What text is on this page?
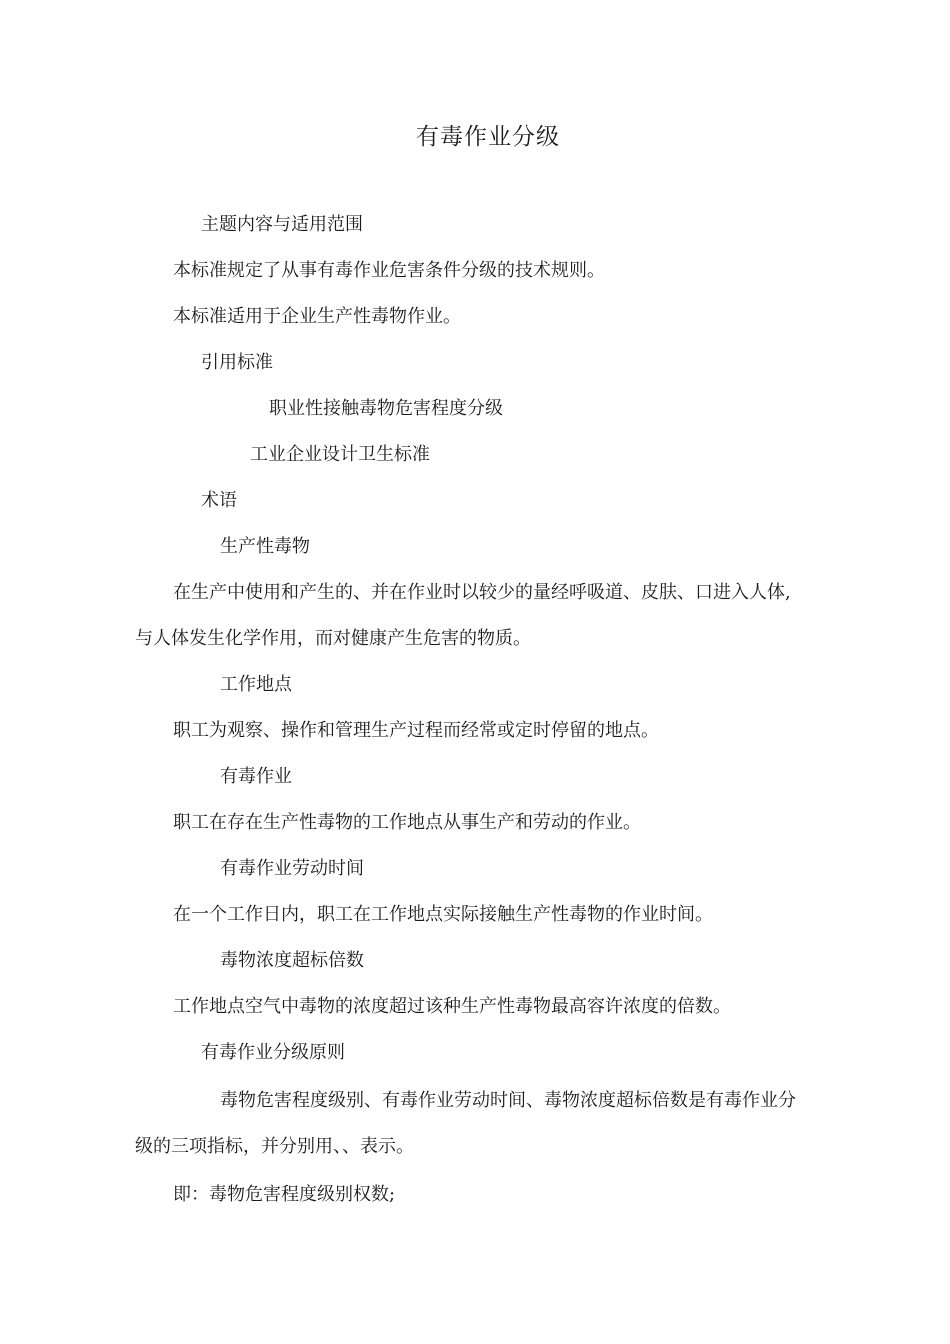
有毒作业分级
主题内容与适用范围
本标准规定了从事有毒作业危害条件分级的技术规则。
本标准适用于企业生产性毒物作业。
引用标准
职业性接触毒物危害程度分级
工业企业设计卫生标准
术语
生产性毒物
在生产中使用和产生的、并在作业时以较少的量经呼吸道、皮肤、口进入人体,
与人体发生化学作用，而对健康产生危害的物质。
工作地点
职工为观察、操作和管理生产过程而经常或定时停留的地点。
有毒作业
职工在存在生产性毒物的工作地点从事生产和劳动的作业。
有毒作业劳动时间
在一个工作日内，职工在工作地点实际接触生产性毒物的作业时间。
毒物浓度超标倍数
工作地点空气中毒物的浓度超过该种生产性毒物最高容许浓度的倍数。
有毒作业分级原则
毒物危害程度级别、有毒作业劳动时间、毒物浓度超标倍数是有毒作业分
级的三项指标，并分别用、、表示。
即：毒物危害程度级别权数;
